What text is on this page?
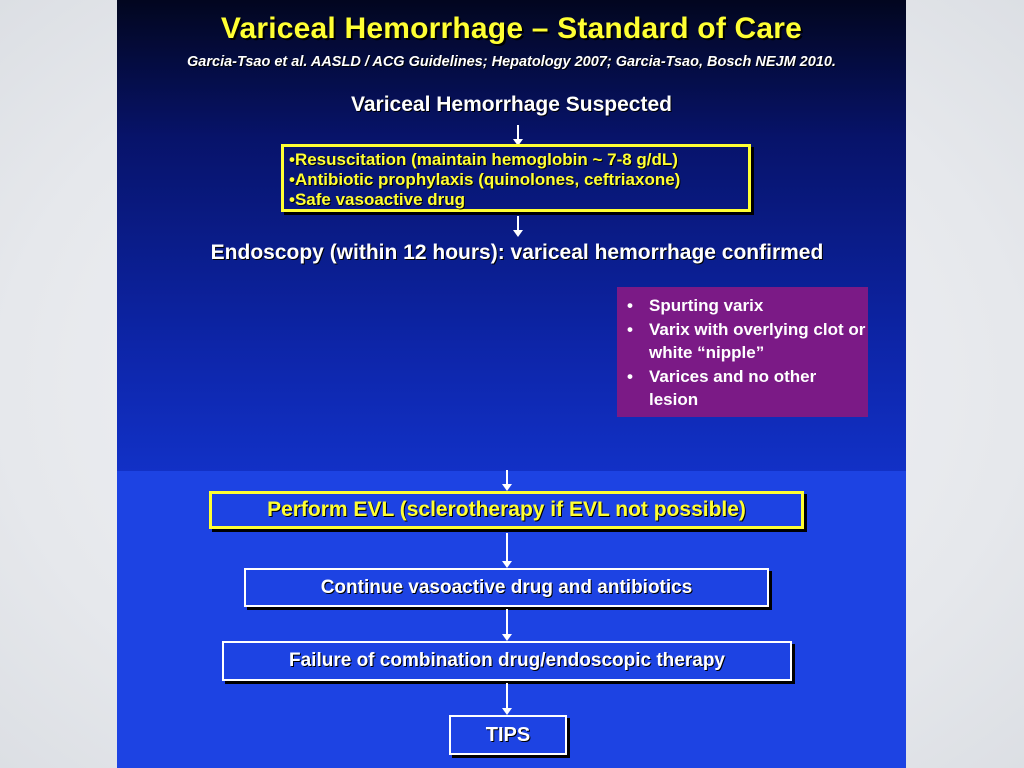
Variceal Hemorrhage – Standard of Care
Garcia-Tsao et al. AASLD / ACG Guidelines; Hepatology 2007; Garcia-Tsao, Bosch NEJM 2010.
Variceal Hemorrhage Suspected
•Resuscitation (maintain hemoglobin ~ 7-8 g/dL)
•Antibiotic prophylaxis (quinolones, ceftriaxone)
•Safe vasoactive drug
Endoscopy (within 12 hours): variceal hemorrhage confirmed
• Spurting varix
• Varix with overlying clot or white “nipple”
• Varices and no other lesion
Perform EVL (sclerotherapy if EVL not possible)
Continue vasoactive drug and antibiotics
Failure of combination drug/endoscopic therapy
TIPS
